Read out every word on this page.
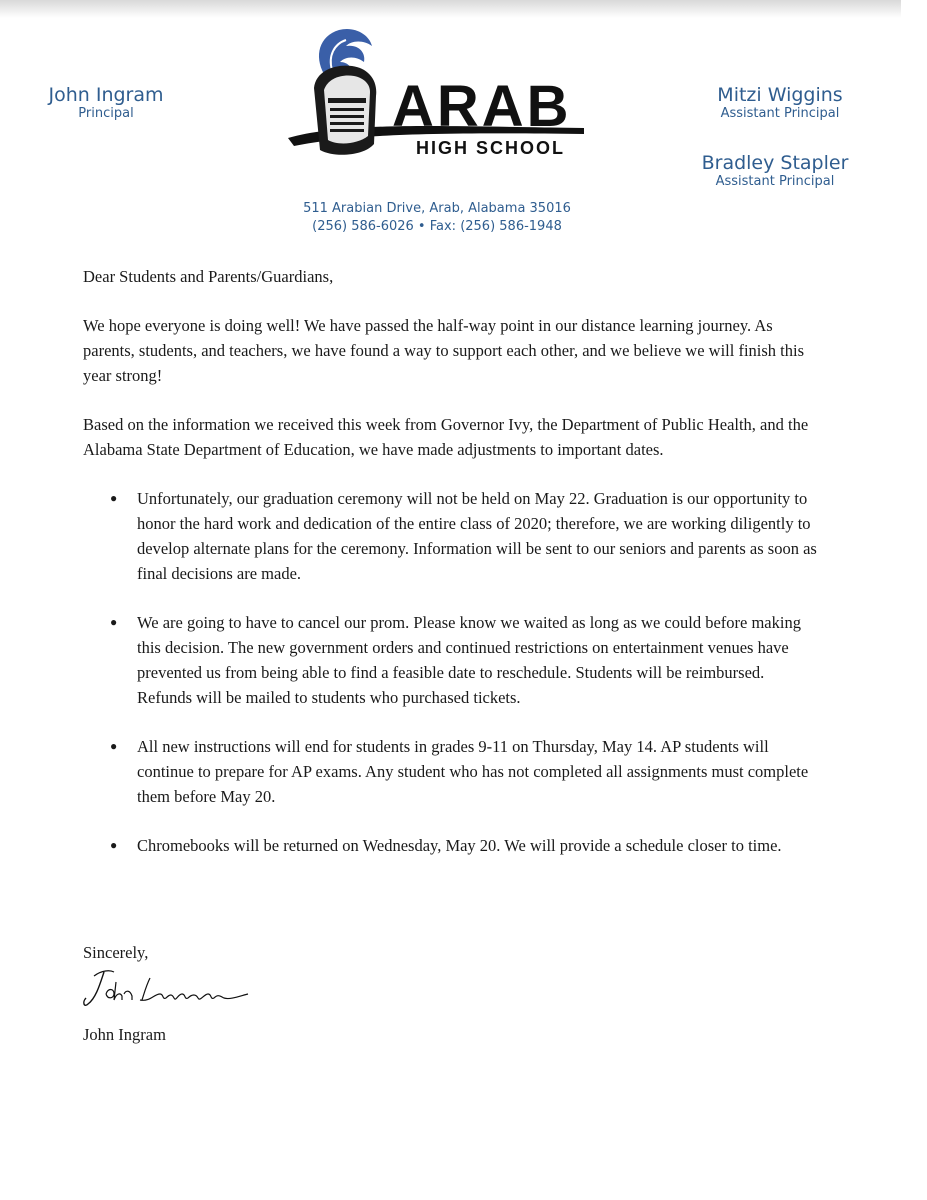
John Ingram
Principal
Mitzi Wiggins
Assistant Principal
Bradley Stapler
Assistant Principal
ARAB
HIGH SCHOOL
511 Arabian Drive, Arab, Alabama 35016
(256) 586-6026 • Fax: (256) 586-1948

Dear Students and Parents/Guardians,

We hope everyone is doing well! We have passed the half-way point in our distance learning journey. As parents, students, and teachers, we have found a way to support each other, and we believe we will finish this year strong!

Based on the information we received this week from Governor Ivy, the Department of Public Health, and the Alabama State Department of Education, we have made adjustments to important dates.

● Unfortunately, our graduation ceremony will not be held on May 22. Graduation is our opportunity to honor the hard work and dedication of the entire class of 2020; therefore, we are working diligently to develop alternate plans for the ceremony. Information will be sent to our seniors and parents as soon as final decisions are made.
● We are going to have to cancel our prom. Please know we waited as long as we could before making this decision. The new government orders and continued restrictions on entertainment venues have prevented us from being able to find a feasible date to reschedule. Students will be reimbursed. Refunds will be mailed to students who purchased tickets.
● All new instructions will end for students in grades 9-11 on Thursday, May 14. AP students will continue to prepare for AP exams. Any student who has not completed all assignments must complete them before May 20.
● Chromebooks will be returned on Wednesday, May 20. We will provide a schedule closer to time.
Sincerely,
John Ingram
